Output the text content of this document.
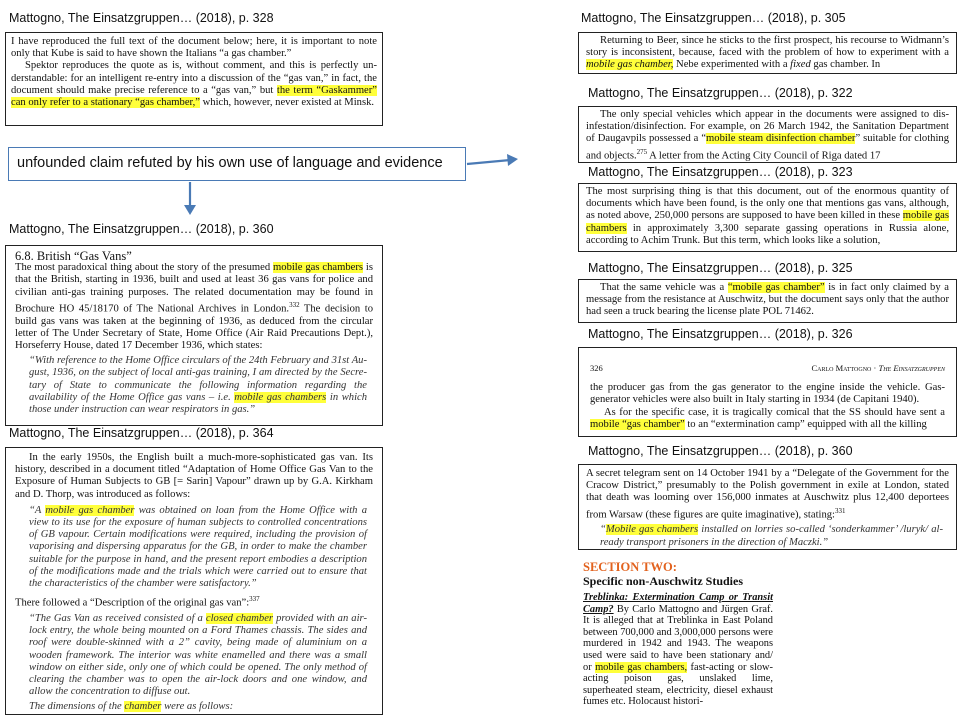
Mattogno, The Einsatzgruppen… (2018), p. 328
Mattogno, The Einsatzgruppen… (2018), p. 360
Mattogno, The Einsatzgruppen… (2018), p. 364
Mattogno, The Einsatzgruppen… (2018), p. 305
Mattogno, The Einsatzgruppen… (2018), p. 322
Mattogno, The Einsatzgruppen… (2018), p. 323
Mattogno, The Einsatzgruppen… (2018), p. 325
Mattogno, The Einsatzgruppen… (2018), p. 326
Mattogno, The Einsatzgruppen… (2018), p. 360

I have reproduced the full text of the document below; here, it is important to note only that Kube is said to have shown the Italians “a gas chamber.”

Spektor reproduces the quote as is, without comment, and this is perfectly understandable: for an intelligent re-entry into a discussion of the “gas van,” in fact, the document should make precise reference to a “gas van,” but the term “Gaskammer” can only refer to a stationary “gas chamber,” which, however, never existed at Minsk.

unfounded claim refuted by his own use of language and evidence

6.8. British “Gas Vans”

The most paradoxical thing about the story of the presumed mobile gas chambers is that the British, starting in 1936, built and used at least 36 gas vans for police and civilian anti-gas training purposes. The related documentation may be found in Brochure HO 45/18170 of The National Archives in London.$^{332}$ The decision to build gas vans was taken at the beginning of 1936, as deduced from the circular letter of The Under Secretary of State, Home Office (Air Raid Precautions Dept.), Horseferry House, dated 17 December 1936, which states:

“With reference to the Home Office circulars of the 24th February and 31st August, 1936, on the subject of local anti-gas training, I am directed by the Secretary of State to communicate the following information regarding the availability of the Home Office gas vans – i.e. mobile gas chambers in which those under instruction can wear respirators in gas.”

In the early 1950s, the English built a much-more-sophisticated gas van. Its history, described in a document titled “Adaptation of Home Office Gas Van to the Exposure of Human Subjects to GB [= Sarin] Vapour” drawn up by G.A. Kirkham and D. Thorp, was introduced as follows:

“A mobile gas chamber was obtained on loan from the Home Office with a view to its use for the exposure of human subjects to controlled concentrations of GB vapour. Certain modifications were required, including the provision of vaporising and dispersing apparatus for the GB, in order to make the chamber suitable for the purpose in hand, and the present report embodies a description of the modifications made and the trials which were carried out to ensure that the characteristics of the chamber were satisfactory.”

There followed a “Description of the original gas van”:$^{337}$

“The Gas Van as received consisted of a closed chamber provided with an air-lock entry, the whole being mounted on a Ford Thames chassis. The sides and roof were double-skinned with a 2” cavity, being made of aluminium on a wooden framework. The interior was white enamelled and there was a small window on either side, only one of which could be opened. The only method of clearing the chamber was to open the air-lock doors and one window, and allow the concentration to diffuse out.

The dimensions of the chamber were as follows:

Returning to Beer, since he sticks to the first prospect, his recourse to Widmann’s story is inconsistent, because, faced with the problem of how to experiment with a mobile gas chamber, Nebe experimented with a fixed gas chamber. In

The only special vehicles which appear in the documents were assigned to disinfestation/disinfection. For example, on 26 March 1942, the Sanitation Department of Daugavpils possessed a “mobile steam disinfection chamber” suitable for clothing and objects.$^{275}$ A letter from the Acting City Council of Riga dated 17

The most surprising thing is that this document, out of the enormous quantity of documents which have been found, is the only one that mentions gas vans, although, as noted above, 250,000 persons are supposed to have been killed in these mobile gas chambers in approximately 3,300 separate gassing operations in Russia alone, according to Achim Trunk. But this term, which looks like a solution,

That the same vehicle was a “mobile gas chamber” is in fact only claimed by a message from the resistance at Auschwitz, but the document says only that the author had seen a truck bearing the license plate POL 71462.

326	Carlo Mattogno · The Einsatzgruppen

the producer gas from the gas generator to the engine inside the vehicle. Gasgenerator vehicles were also built in Italy starting in 1934 (de Capitani 1940).

As for the specific case, it is tragically comical that the SS should have sent a mobile “gas chamber” to an “extermination camp” equipped with all the killing

A secret telegram sent on 14 October 1941 by a “Delegate of the Government for the Cracow District,” presumably to the Polish government in exile at London, stated that death was looming over 156,000 inmates at Auschwitz plus 12,400 deportees from Warsaw (these figures are quite imaginative), stating:$^{331}$

“Mobile gas chambers installed on lorries so-called ‘sonderkammer’ /luryk/ already transport prisoners in the direction of Maczki.”

SECTION TWO:
Specific non-Auschwitz Studies
Treblinka: Extermination Camp or Transit Camp? By Carlo Mattogno and Jürgen Graf. It is alleged that at Treblinka in East Poland between 700,000 and 3,000,000 persons were murdered in 1942 and 1943. The weapons used were said to have been stationary and/ or mobile gas chambers, fast-acting or slow-acting poison gas, unslaked lime, superheated steam, electricity, diesel exhaust fumes etc. Holocaust histori-
